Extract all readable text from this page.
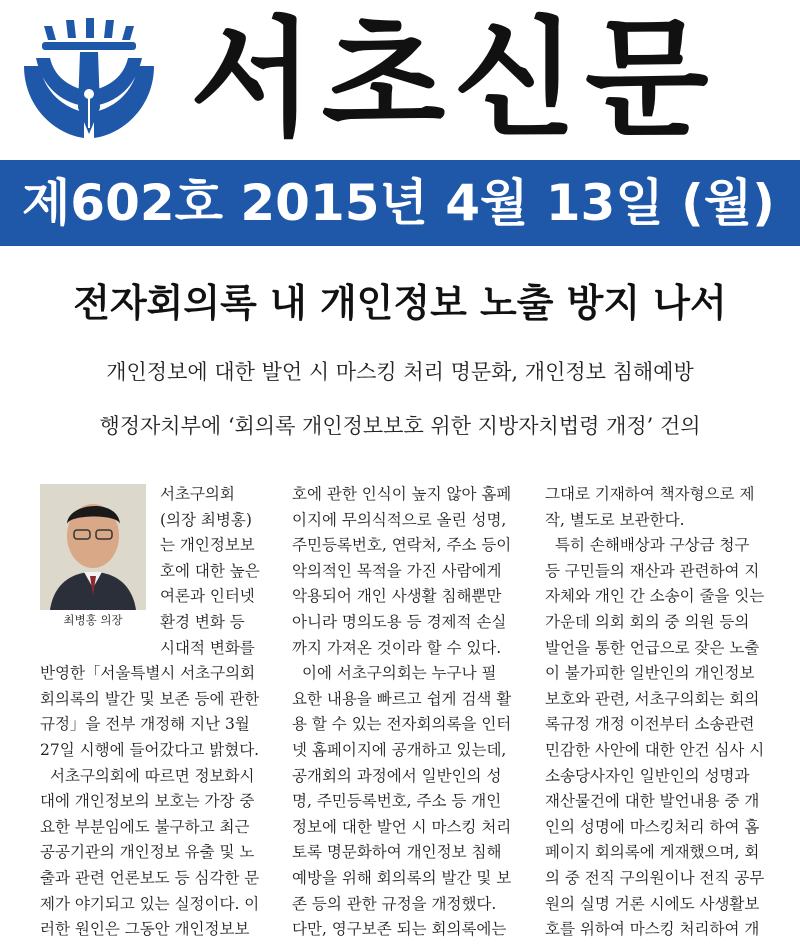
서초신문
제602호 2015년 4월 13일 (월)
전자회의록 내 개인정보 노출 방지 나서
개인정보에 대한 발언 시 마스킹 처리 명문화, 개인정보 침해예방
행정자치부에 ‘회의록 개인정보보호 위한 지방자치법령 개정’ 건의
최병홍 의장
서초구의회
(의장 최병홍)
는 개인정보보
호에 대한 높은
여론과 인터넷
환경 변화 등
시대적 변화를
반영한「서울특별시 서초구의회
회의록의 발간 및 보존 등에 관한
규정」을 전부 개정해 지난 3월
27일 시행에 들어갔다고 밝혔다.
서초구의회에 따르면 정보화시
대에 개인정보의 보호는 가장 중
요한 부분임에도 불구하고 최근
공공기관의 개인정보 유출 및 노
출과 관련 언론보도 등 심각한 문
제가 야기되고 있는 실정이다. 이
러한 원인은 그동안 개인정보보
호에 관한 인식이 높지 않아 홈페
이지에 무의식적으로 올린 성명,
주민등록번호, 연락처, 주소 등이
악의적인 목적을 가진 사람에게
악용되어 개인 사생활 침해뿐만
아니라 명의도용 등 경제적 손실
까지 가져온 것이라 할 수 있다.
이에 서초구의회는 누구나 필
요한 내용을 빠르고 쉽게 검색 활
용 할 수 있는 전자회의록을 인터
넷 홈페이지에 공개하고 있는데,
공개회의 과정에서 일반인의 성
명, 주민등록번호, 주소 등 개인
정보에 대한 발언 시 마스킹 처리
토록 명문화하여 개인정보 침해
예방을 위해 회의록의 발간 및 보
존 등의 관한 규정을 개정했다.
다만, 영구보존 되는 회의록에는
그대로 기재하여 책자형으로 제
작, 별도로 보관한다.
특히 손해배상과 구상금 청구
등 구민들의 재산과 관련하여 지
자체와 개인 간 소송이 줄을 잇는
가운데 의회 회의 중 의원 등의
발언을 통한 언급으로 잦은 노출
이 불가피한 일반인의 개인정보
보호와 관련, 서초구의회는 회의
록규정 개정 이전부터 소송관련
민감한 사안에 대한 안건 심사 시
소송당사자인 일반인의 성명과
재산물건에 대한 발언내용 중 개
인의 성명에 마스킹처리 하여 홈
페이지 회의록에 게재했으며, 회
의 중 전직 구의원이나 전직 공무
원의 실명 거론 시에도 사생활보
호를 위하여 마스킹 처리하여 개
